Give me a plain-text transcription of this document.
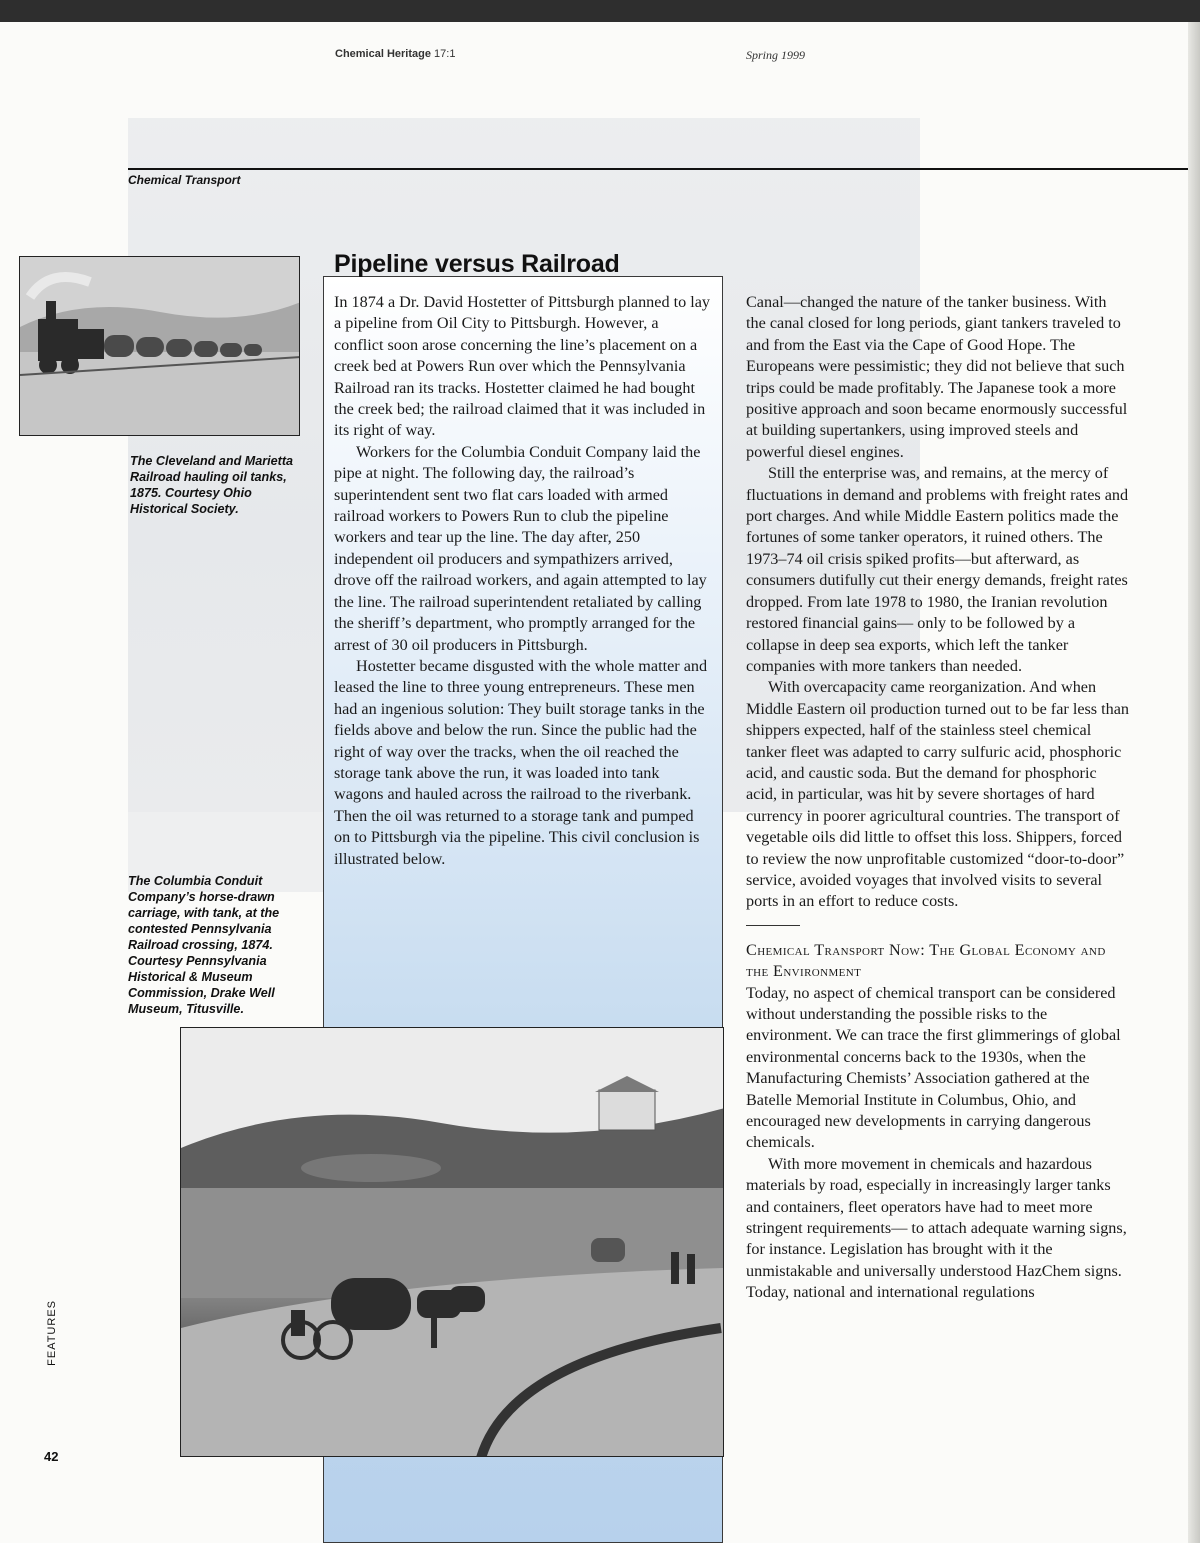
Chemical Heritage 17:1	Spring 1999
Chemical Transport
The Cleveland and Marietta Railroad hauling oil tanks, 1875. Courtesy Ohio Historical Society.
The Columbia Conduit Company’s horse-drawn carriage, with tank, at the contested Pennsylvania Railroad crossing, 1874. Courtesy Pennsylvania Historical & Museum Commission, Drake Well Museum, Titusville.
Pipeline versus Railroad

In 1874 a Dr. David Hostetter of Pittsburgh planned to lay a pipeline from Oil City to Pittsburgh. However, a conflict soon arose concerning the line’s placement on a creek bed at Powers Run over which the Pennsylvania Railroad ran its tracks. Hostetter claimed he had bought the creek bed; the railroad claimed that it was included in its right of way.

Workers for the Columbia Conduit Company laid the pipe at night. The following day, the railroad’s superintendent sent two flat cars loaded with armed railroad workers to Powers Run to club the pipeline workers and tear up the line. The day after, 250 independent oil producers and sympathizers arrived, drove off the railroad workers, and again attempted to lay the line. The railroad superintendent retaliated by calling the sheriff’s department, who promptly arranged for the arrest of 30 oil producers in Pittsburgh.

Hostetter became disgusted with the whole matter and leased the line to three young entrepreneurs. These men had an ingenious solution: They built storage tanks in the fields above and below the run. Since the public had the right of way over the tracks, when the oil reached the storage tank above the run, it was loaded into tank wagons and hauled across the railroad to the riverbank. Then the oil was returned to a storage tank and pumped on to Pittsburgh via the pipeline. This civil conclusion is illustrated below.

Canal—changed the nature of the tanker business. With the canal closed for long periods, giant tankers traveled to and from the East via the Cape of Good Hope. The Europeans were pessimistic; they did not believe that such trips could be made profitably. The Japanese took a more positive approach and soon became enormously successful at building supertankers, using improved steels and powerful diesel engines.

Still the enterprise was, and remains, at the mercy of fluctuations in demand and problems with freight rates and port charges. And while Middle Eastern politics made the fortunes of some tanker operators, it ruined others. The 1973–74 oil crisis spiked profits—but afterward, as consumers dutifully cut their energy demands, freight rates dropped. From late 1978 to 1980, the Iranian revolution restored financial gains— only to be followed by a collapse in deep sea exports, which left the tanker companies with more tankers than needed.

With overcapacity came reorganization. And when Middle Eastern oil production turned out to be far less than shippers expected, half of the stainless steel chemical tanker fleet was adapted to carry sulfuric acid, phosphoric acid, and caustic soda. But the demand for phosphoric acid, in particular, was hit by severe shortages of hard currency in poorer agricultural countries. The transport of vegetable oils did little to offset this loss. Shippers, forced to review the now unprofitable customized “door-to-door” service, avoided voyages that involved visits to several ports in an effort to reduce costs.

Chemical Transport Now: The Global Economy and the Environment

Today, no aspect of chemical transport can be considered without understanding the possible risks to the environment. We can trace the first glimmerings of global environmental concerns back to the 1930s, when the Manufacturing Chemists’ Association gathered at the Batelle Memorial Institute in Columbus, Ohio, and encouraged new developments in carrying dangerous chemicals.

With more movement in chemicals and hazardous materials by road, especially in increasingly larger tanks and containers, fleet operators have had to meet more stringent requirements— to attach adequate warning signs, for instance. Legislation has brought with it the unmistakable and universally understood HazChem signs. Today, national and international regulations

FEATURES
42
